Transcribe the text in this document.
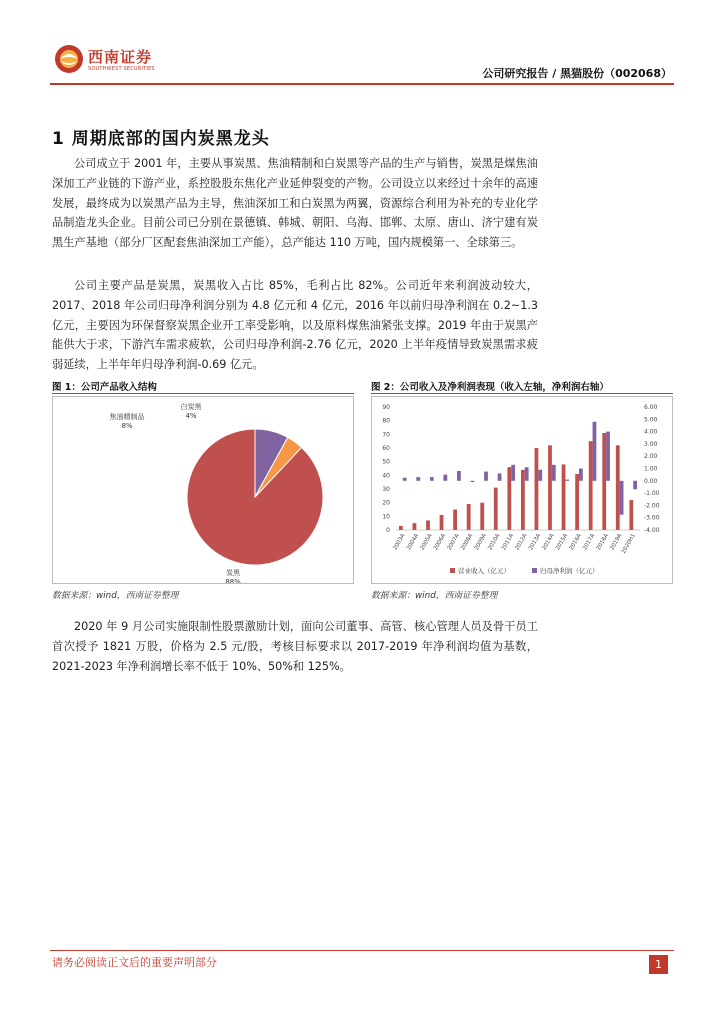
西南证券
SOUTHWEST SECURITIES	公司研究报告 / 黑猫股份（002068）
1 周期底部的国内炭黑龙头

公司成立于 2001 年，主要从事炭黑、焦油精制和白炭黑等产品的生产与销售，炭黑是煤焦油深加工产业链的下游产业，系控股股东焦化产业延伸裂变的产物。公司设立以来经过十余年的高速发展，最终成为以炭黑产品为主导，焦油深加工和白炭黑为两翼，资源综合利用为补充的专业化学品制造龙头企业。目前公司已分别在景德镇、韩城、朝阳、乌海、邯郸、太原、唐山、济宁建有炭黑生产基地（部分厂区配套焦油深加工产能），总产能达 110 万吨，国内规模第一、全球第三。

公司主要产品是炭黑，炭黑收入占比 85%，毛利占比 82%。公司近年来利润波动较大，2017、2018 年公司归母净利润分别为 4.8 亿元和 4 亿元，2016 年以前归母净利润在 0.2~1.3 亿元，主要因为环保督察炭黑企业开工率受影响，以及原料煤焦油紧张支撑。2019 年由于炭黑产能供大于求，下游汽车需求疲软，公司归母净利润-2.76 亿元，2020 上半年疫情导致炭黑需求疲弱延续，上半年年归母净利润-0.69 亿元。

图 1：公司产品收入结构
炭黑
88%
焦油精制品
8%
白炭黑
4%
数据来源：wind，西南证券整理
图 2：公司收入及净利润表现（收入左轴，净利润右轴）
0
10
20
30
40
50
60
70
80
90
-4.00
-3.00
-2.00
-1.00
0.00
1.00
2.00
3.00
4.00
5.00
6.00
2003A 2004A 2005A 2006A 2007A 2008A 2009A 2010A 2011A 2012A 2013A 2014A 2015A 2016A 2017A 2018A 2019A
2020H1
营业收入（亿元）	归母净利润（亿元）
数据来源：wind，西南证券整理

2020 年 9 月公司实施限制性股票激励计划，面向公司董事、高管、核心管理人员及骨干员工首次授予 1821 万股，价格为 2.5 元/股，考核目标要求以 2017-2019 年净利润均值为基数，2021-2023 年净利润增长率不低于 10%、50%和 125%。

请务必阅读正文后的重要声明部分	1
